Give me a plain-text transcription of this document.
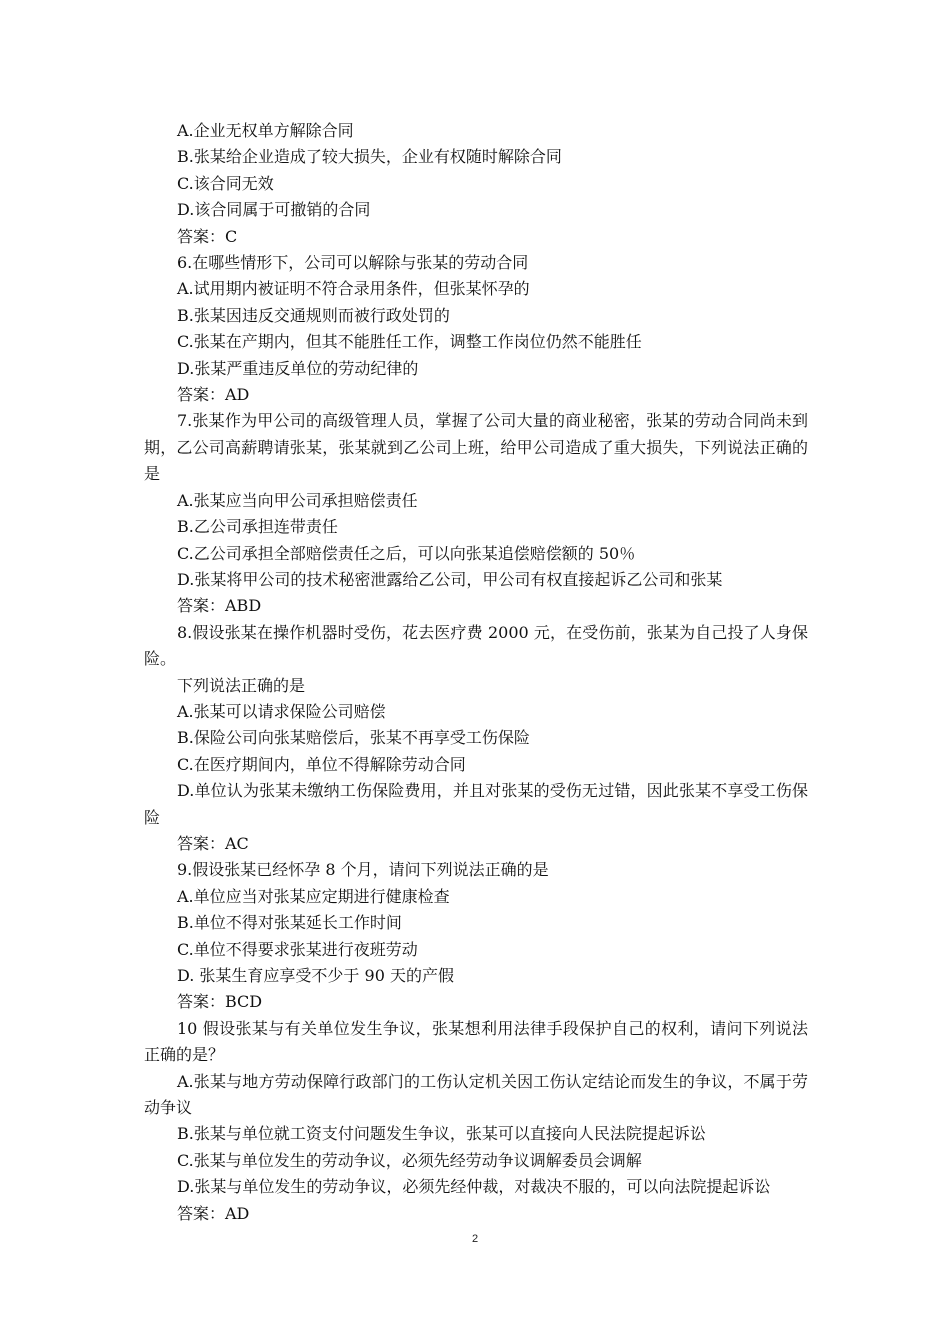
A.企业无权单方解除合同

B.张某给企业造成了较大损失，企业有权随时解除合同

C.该合同无效

D.该合同属于可撤销的合同

答案：C

6.在哪些情形下，公司可以解除与张某的劳动合同

A.试用期内被证明不符合录用条件，但张某怀孕的

B.张某因违反交通规则而被行政处罚的

C.张某在产期内，但其不能胜任工作，调整工作岗位仍然不能胜任

D.张某严重违反单位的劳动纪律的

答案：AD

7.张某作为甲公司的高级管理人员，掌握了公司大量的商业秘密，张某的劳动合同尚未到期，乙公司高薪聘请张某，张某就到乙公司上班，给甲公司造成了重大损失，下列说法正确的是

A.张某应当向甲公司承担赔偿责任

B.乙公司承担连带责任

C.乙公司承担全部赔偿责任之后，可以向张某追偿赔偿额的 50％

D.张某将甲公司的技术秘密泄露给乙公司，甲公司有权直接起诉乙公司和张某

答案：ABD

8.假设张某在操作机器时受伤，花去医疗费 2000 元，在受伤前，张某为自己投了人身保险。

下列说法正确的是

A.张某可以请求保险公司赔偿

B.保险公司向张某赔偿后，张某不再享受工伤保险

C.在医疗期间内，单位不得解除劳动合同

D.单位认为张某未缴纳工伤保险费用，并且对张某的受伤无过错，因此张某不享受工伤保险

答案：AC

9.假设张某已经怀孕 8 个月，请问下列说法正确的是

A.单位应当对张某应定期进行健康检查

B.单位不得对张某延长工作时间

C.单位不得要求张某进行夜班劳动

D. 张某生育应享受不少于 90 天的产假

答案：BCD

10 假设张某与有关单位发生争议，张某想利用法律手段保护自己的权利，请问下列说法正确的是？

A.张某与地方劳动保障行政部门的工伤认定机关因工伤认定结论而发生的争议，不属于劳动争议

B.张某与单位就工资支付问题发生争议，张某可以直接向人民法院提起诉讼

C.张某与单位发生的劳动争议，必须先经劳动争议调解委员会调解

D.张某与单位发生的劳动争议，必须先经仲裁，对裁决不服的，可以向法院提起诉讼

答案：AD

2
